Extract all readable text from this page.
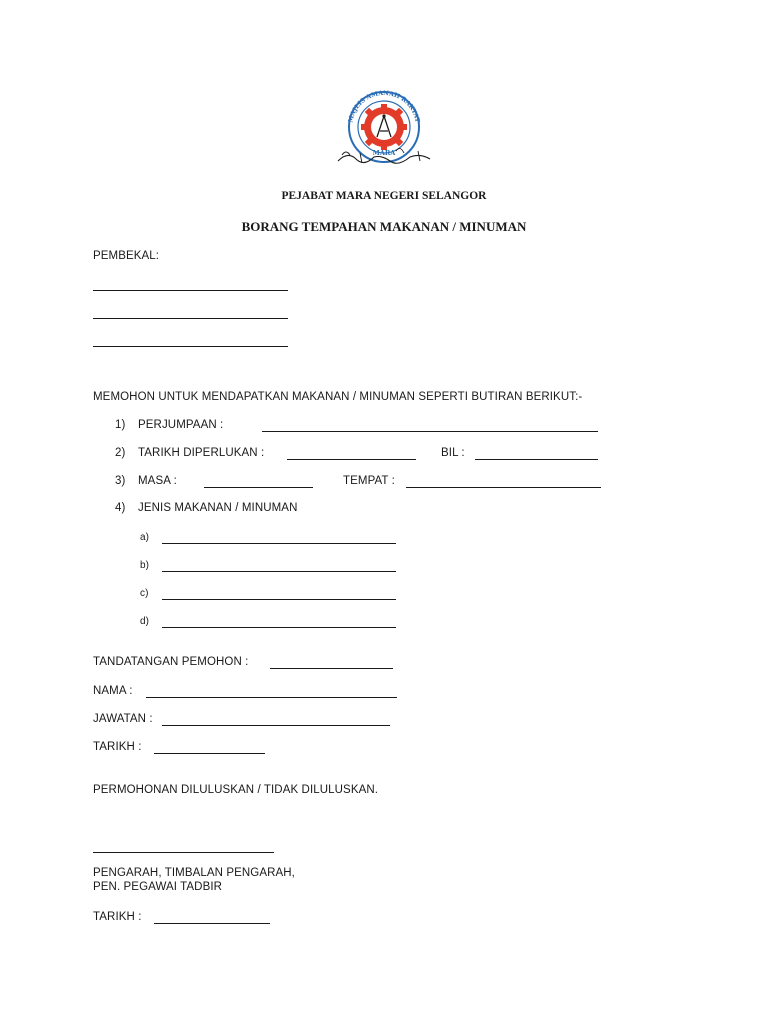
MAJLIS AMANAH RAKYAT
MARA
PEJABAT MARA NEGERI SELANGOR
BORANG TEMPAHAN MAKANAN / MINUMAN
PEMBEKAL:
MEMOHON UNTUK MENDAPATKAN MAKANAN / MINUMAN SEPERTI BUTIRAN BERIKUT:-
1) PERJUMPAAN :
2) TARIKH DIPERLUKAN :	BIL :
3) MASA :	TEMPAT :
4) JENIS MAKANAN / MINUMAN
a)
b)
c)
d)
TANDATANGAN PEMOHON :
NAMA :
JAWATAN :
TARIKH :
PERMOHONAN DILULUSKAN / TIDAK DILULUSKAN.
PENGARAH, TIMBALAN PENGARAH,
PEN. PEGAWAI TADBIR
TARIKH :
